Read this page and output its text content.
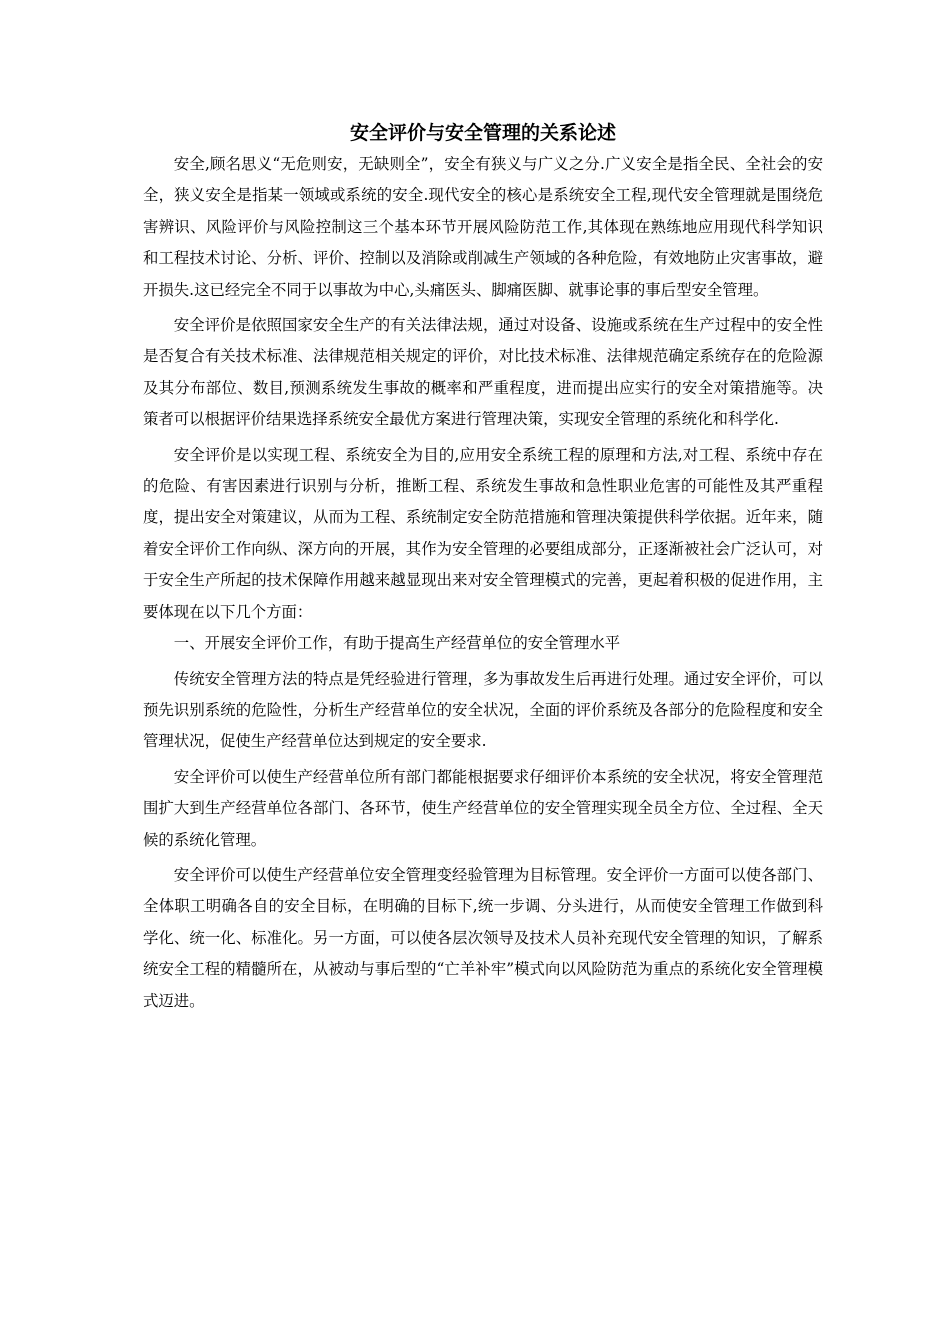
安全评价与安全管理的关系论述

安全,顾名思义“无危则安，无缺则全”，安全有狭义与广义之分.广义安全是指全民、全社会的安全，狭义安全是指某一领域或系统的安全.现代安全的核心是系统安全工程,现代安全管理就是围绕危害辨识、风险评价与风险控制这三个基本环节开展风险防范工作,其体现在熟练地应用现代科学知识和工程技术讨论、分析、评价、控制以及消除或削减生产领域的各种危险，有效地防止灾害事故，避开损失.这已经完全不同于以事故为中心,头痛医头、脚痛医脚、就事论事的事后型安全管理。

安全评价是依照国家安全生产的有关法律法规，通过对设备、设施或系统在生产过程中的安全性是否复合有关技术标准、法律规范相关规定的评价，对比技术标准、法律规范确定系统存在的危险源及其分布部位、数目,预测系统发生事故的概率和严重程度，进而提出应实行的安全对策措施等。决策者可以根据评价结果选择系统安全最优方案进行管理决策，实现安全管理的系统化和科学化.

安全评价是以实现工程、系统安全为目的,应用安全系统工程的原理和方法,对工程、系统中存在的危险、有害因素进行识别与分析，推断工程、系统发生事故和急性职业危害的可能性及其严重程度，提出安全对策建议，从而为工程、系统制定安全防范措施和管理决策提供科学依据。近年来，随着安全评价工作向纵、深方向的开展，其作为安全管理的必要组成部分，正逐渐被社会广泛认可，对于安全生产所起的技术保障作用越来越显现出来对安全管理模式的完善，更起着积极的促进作用，主要体现在以下几个方面：

一、开展安全评价工作，有助于提高生产经营单位的安全管理水平

传统安全管理方法的特点是凭经验进行管理，多为事故发生后再进行处理。通过安全评价，可以预先识别系统的危险性，分析生产经营单位的安全状况，全面的评价系统及各部分的危险程度和安全管理状况，促使生产经营单位达到规定的安全要求.

安全评价可以使生产经营单位所有部门都能根据要求仔细评价本系统的安全状况，将安全管理范围扩大到生产经营单位各部门、各环节，使生产经营单位的安全管理实现全员全方位、全过程、全天候的系统化管理。

安全评价可以使生产经营单位安全管理变经验管理为目标管理。安全评价一方面可以使各部门、全体职工明确各自的安全目标，在明确的目标下,统一步调、分头进行，从而使安全管理工作做到科学化、统一化、标准化。另一方面，可以使各层次领导及技术人员补充现代安全管理的知识，了解系统安全工程的精髓所在，从被动与事后型的“亡羊补牢”模式向以风险防范为重点的系统化安全管理模式迈进。
